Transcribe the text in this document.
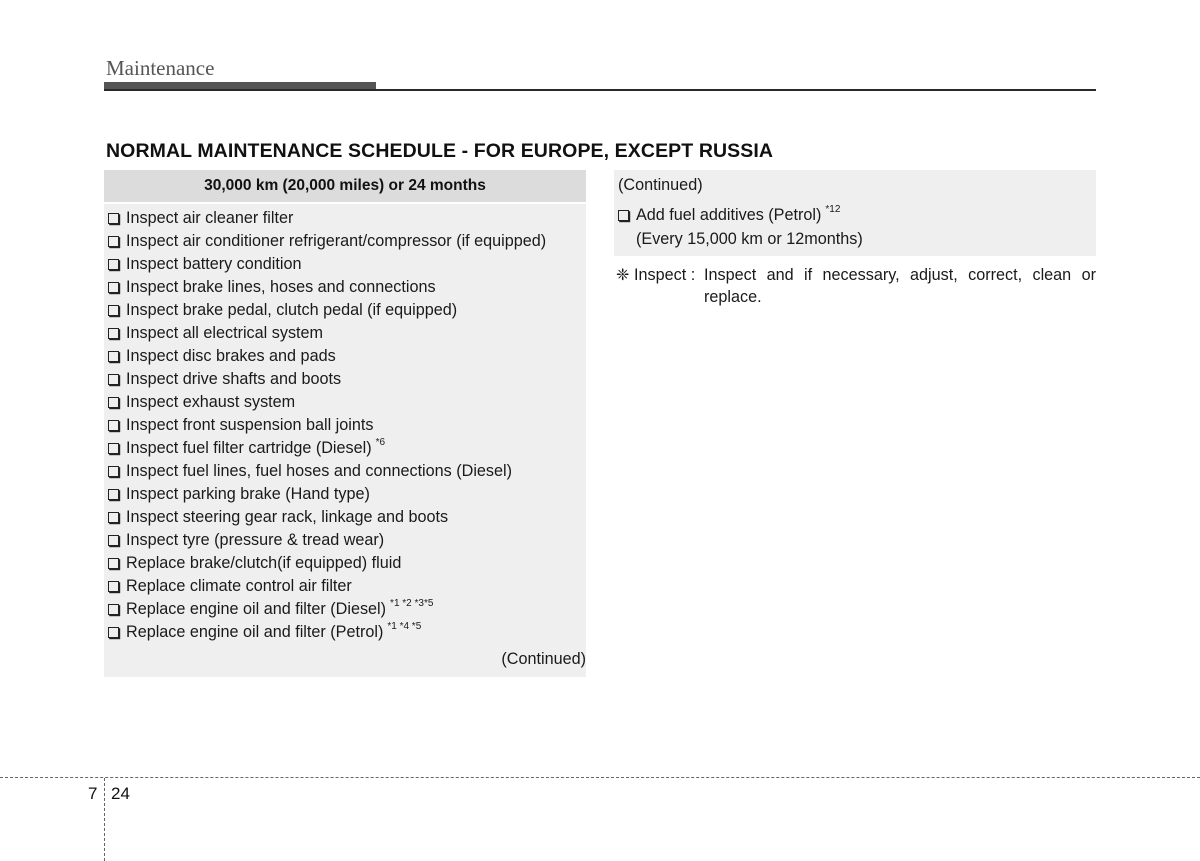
Maintenance
NORMAL MAINTENANCE SCHEDULE - FOR EUROPE, EXCEPT RUSSIA
30,000 km (20,000 miles) or 24 months
Inspect air cleaner filter
Inspect air conditioner refrigerant/compressor (if equipped)
Inspect battery condition
Inspect brake lines, hoses and connections
Inspect brake pedal, clutch pedal (if equipped)
Inspect all electrical system
Inspect disc brakes and pads
Inspect drive shafts and boots
Inspect exhaust system
Inspect front suspension ball joints
Inspect fuel filter cartridge (Diesel) *6
Inspect fuel lines, fuel hoses and connections (Diesel)
Inspect parking brake (Hand type)
Inspect steering gear rack, linkage and boots
Inspect tyre (pressure & tread wear)
Replace brake/clutch(if equipped) fluid
Replace climate control air filter
Replace engine oil and filter (Diesel) *1 *2 *3*5
Replace engine oil and filter (Petrol) *1 *4 *5
(Continued)
(Continued)
Add fuel additives (Petrol) *12
(Every 15,000 km or 12months)
❈ Inspect : Inspect and if necessary, adjust, correct, clean or replace.
7 24
